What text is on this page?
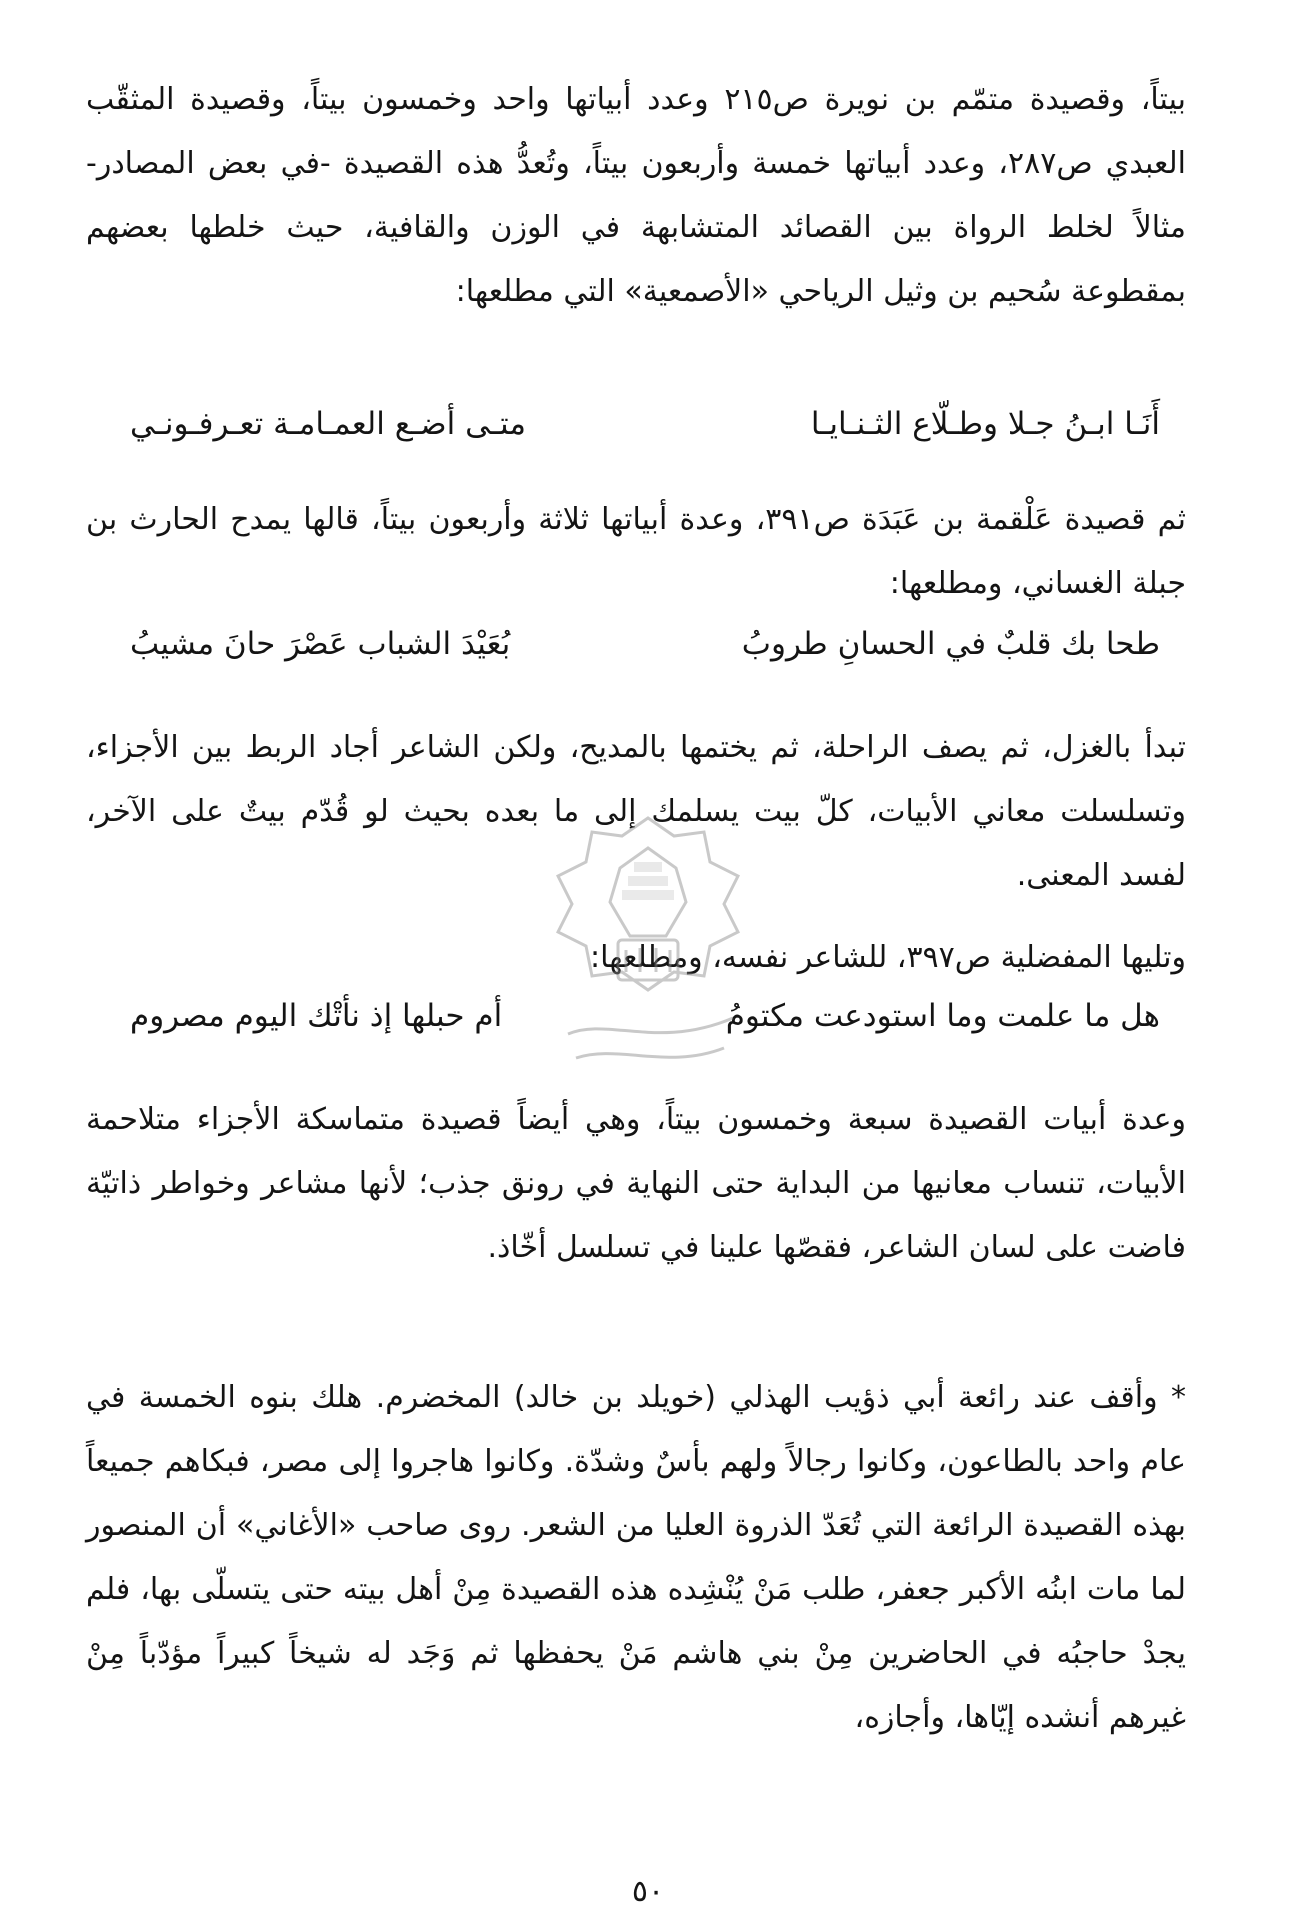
بيتاً، وقصيدة متمّم بن نويرة ص٢١٥ وعدد أبياتها واحد وخمسون بيتاً، وقصيدة المثقّب العبدي ص٢٨٧، وعدد أبياتها خمسة وأربعون بيتاً، وتُعدُّ هذه القصيدة -في بعض المصادر- مثالاً لخلط الرواة بين القصائد المتشابهة في الوزن والقافية، حيث خلطها بعضهم بمقطوعة سُحيم بن وثيل الرياحي «الأصمعية» التي مطلعها:

أَنَـا ابـنُ جـلا وطـلّاع الثـنـايـا
متـى أضـع العمـامـة تعـرفـونـي

ثم قصيدة عَلْقمة بن عَبَدَة ص٣٩١، وعدة أبياتها ثلاثة وأربعون بيتاً، قالها يمدح الحارث بن جبلة الغساني، ومطلعها:

طحا بك قلبٌ في الحسانِ طروبُ
بُعَيْدَ الشباب عَصْرَ حانَ مشيبُ

تبدأ بالغزل، ثم يصف الراحلة، ثم يختمها بالمديح، ولكن الشاعر أجاد الربط بين الأجزاء، وتسلسلت معاني الأبيات، كلّ بيت يسلمك إلى ما بعده بحيث لو قُدّم بيتٌ على الآخر، لفسد المعنى.

وتليها المفضلية ص٣٩٧، للشاعر نفسه، ومطلعها:

هل ما علمت وما استودعت مكتومُ
أم حبلها إذ نأتْك اليوم مصروم

وعدة أبيات القصيدة سبعة وخمسون بيتاً، وهي أيضاً قصيدة متماسكة الأجزاء متلاحمة الأبيات، تنساب معانيها من البداية حتى النهاية في رونق جذب؛ لأنها مشاعر وخواطر ذاتيّة فاضت على لسان الشاعر، فقصّها علينا في تسلسل أخّاذ.

* وأقف عند رائعة أبي ذؤيب الهذلي (خويلد بن خالد) المخضرم. هلك بنوه الخمسة في عام واحد بالطاعون، وكانوا رجالاً ولهم بأسٌ وشدّة. وكانوا هاجروا إلى مصر، فبكاهم جميعاً بهذه القصيدة الرائعة التي تُعَدّ الذروة العليا من الشعر. روى صاحب «الأغاني» أن المنصور لما مات ابنُه الأكبر جعفر، طلب مَنْ يُنْشِده هذه القصيدة مِنْ أهل بيته حتى يتسلّى بها، فلم يجدْ حاجبُه في الحاضرين مِنْ بني هاشم مَنْ يحفظها ثم وَجَد له شيخاً كبيراً مؤدّباً مِنْ غيرهم أنشده إيّاها، وأجازه،

٥٠
